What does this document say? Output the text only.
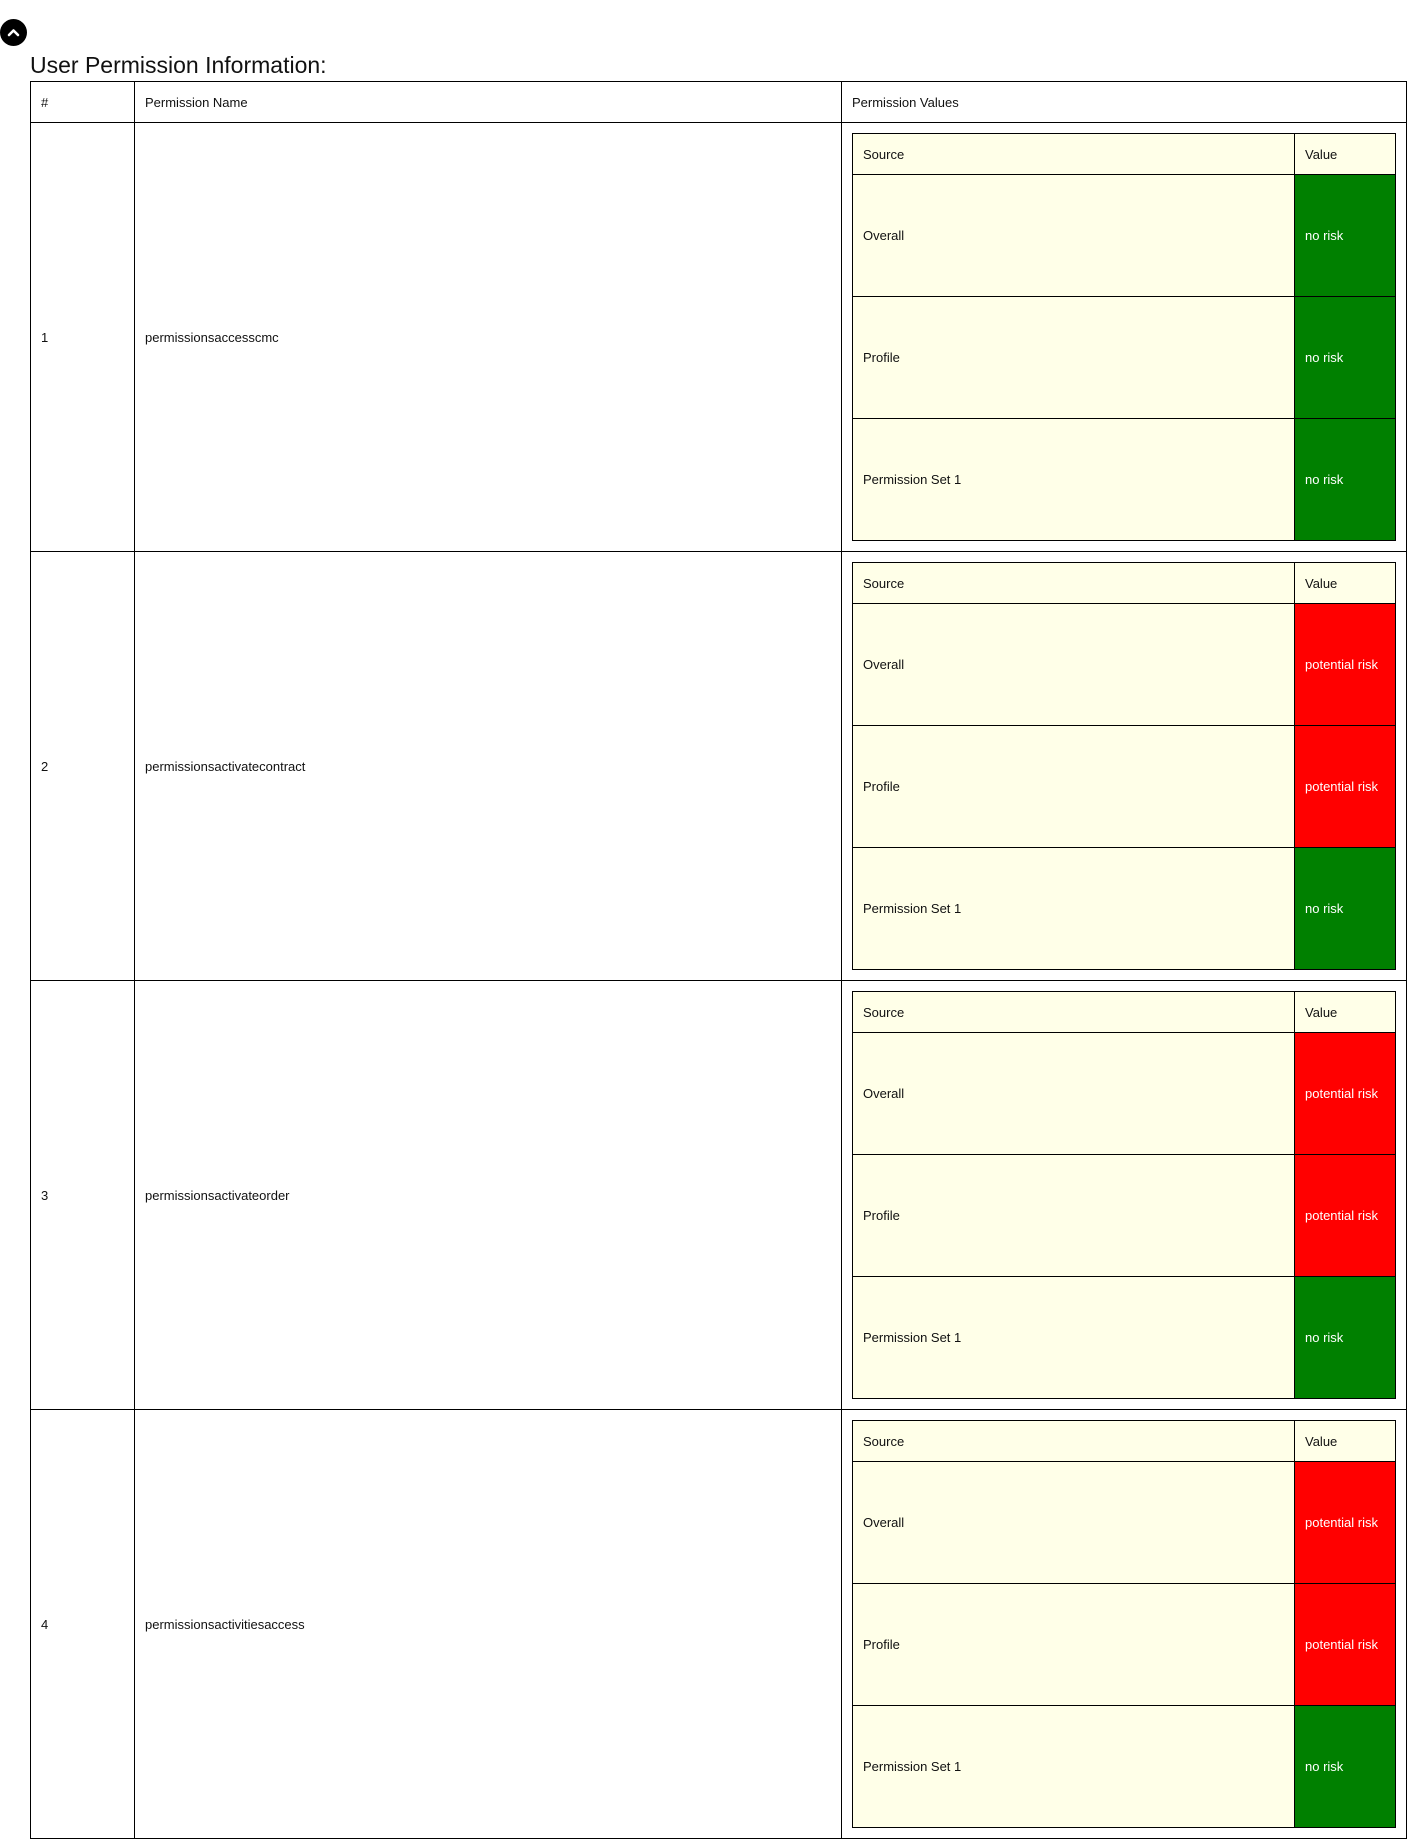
User Permission Information:
#	Permission Name	Permission Values
1	permissionsaccesscmc	
Source	Value
Overall	no risk
Profile	no risk
Permission Set 1	no risk

2	permissionsactivatecontract	
Source	Value
Overall	potential risk
Profile	potential risk
Permission Set 1	no risk

3	permissionsactivateorder	
Source	Value
Overall	potential risk
Profile	potential risk
Permission Set 1	no risk

4	permissionsactivitiesaccess	
Source	Value
Overall	potential risk
Profile	potential risk
Permission Set 1	no risk
